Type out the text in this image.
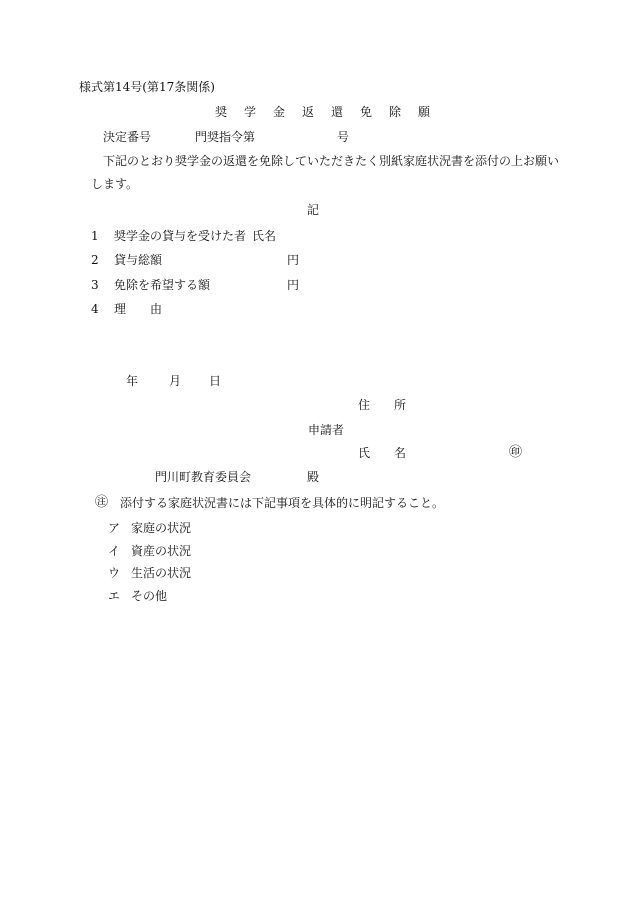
様式第14号(第17条関係)
奨学金返還免除願
決定番号	門奨指令第	号
下記のとおり奨学金の返還を免除していただきたく別紙家庭状況書を添付の上お願い
します。
記
1 奨学金の貸与を受けた者 氏名
2 貸与総額	円
3 免除を希望する額	円
4 理　　由
年	月 日
住　　所
申請者
氏　　名	㊞
門川町教育委員会	殿
㊟ 添付する家庭状況書には下記事項を具体的に明記すること。
ア 家庭の状況
イ 資産の状況
ウ 生活の状況
エ その他
